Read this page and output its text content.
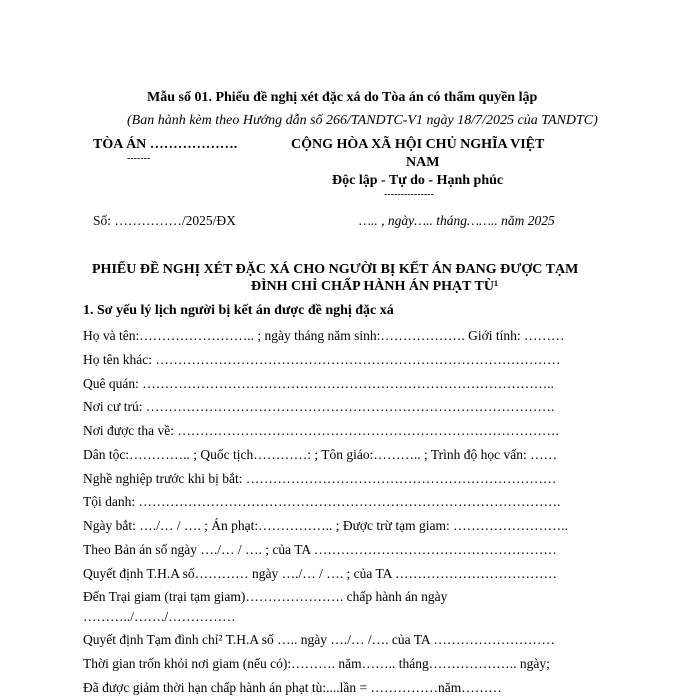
Mẫu số 01. Phiếu đề nghị xét đặc xá do Tòa án có thẩm quyền lập
(Ban hành kèm theo Hướng dẫn số 266/TANDTC-V1 ngày 18/7/2025 của TANDTC)
TÒA ÁN ……………….
-------
CỘNG HÒA XÃ HỘI CHỦ NGHĨA VIỆT
NAM
Độc lập - Tự do - Hạnh phúc
---------------
Số: ……………/2025/ĐX	….. , ngày….. tháng…….. năm 2025
PHIẾU ĐỀ NGHỊ XÉT ĐẶC XÁ CHO NGƯỜI BỊ KẾT ÁN ĐANG ĐƯỢC TẠM
ĐÌNH CHỈ CHẤP HÀNH ÁN PHẠT TÙ¹
1. Sơ yếu lý lịch người bị kết án được đề nghị đặc xá
Họ và tên:…………………….. ; ngày tháng năm sinh:………………. Giới tính: ………
Họ tên khác: ………………………………………………………………………………
Quê quán: ………………………………………………………………………………..
Nơi cư trú: ……………………………………………………………………………….
Nơi được tha về: ………………………………………………………………………….
Dân tộc:………….. ; Quốc tịch…………: ; Tôn giáo:……….. ; Trình độ học vấn: ……
Nghề nghiệp trước khi bị bắt: ……………………………………………………………
Tội danh: ………………………………………………………………………………….
Ngày bắt: …./… / …. ; Án phạt:…………….. ; Được trừ tạm giam: ……………………..
Theo Bản án số ngày …./… / …. ; của TA ………………………………………………
Quyết định T.H.A số………… ngày …./… / …. ; của TA ………………………………
Đến Trại giam (trại tạm giam)…………………. chấp hành án ngày
………../……./……………
Quyết định Tạm đình chỉ² T.H.A số ….. ngày …./… /…. của TA ………………………
Thời gian trốn khỏi nơi giam (nếu có):………. năm…….. tháng……………….. ngày;
Đã được giảm thời hạn chấp hành án phạt tù:....lần = ……………năm………
